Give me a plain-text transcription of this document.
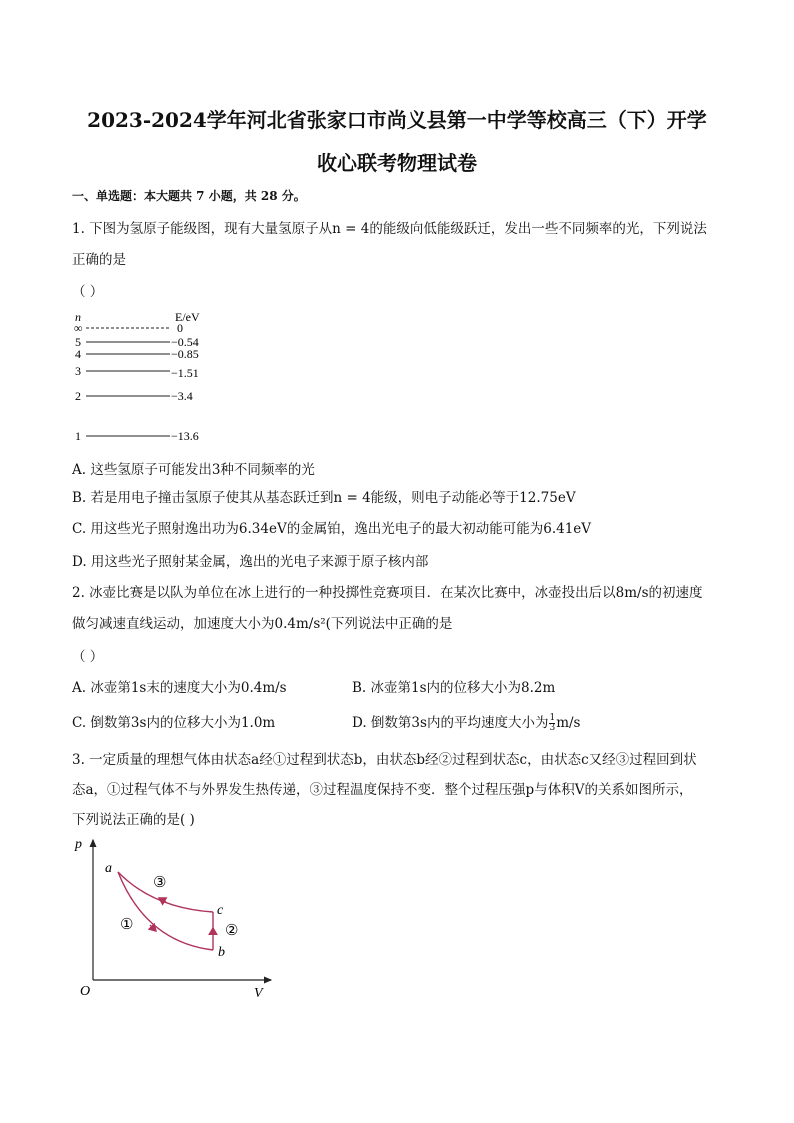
2023-2024学年河北省张家口市尚义县第一中学等校高三（下）开学
收心联考物理试卷
一、单选题：本大题共 7 小题，共 28 分。
1. 下图为氢原子能级图，现有大量氢原子从n = 4的能级向低能级跃迁，发出一些不同频率的光，下列说法
正确的是
（ ）
n	E/eV
∞	0
5	−0.54
4	−0.85
3	−1.51
2	−3.4
1	−13.6
A. 这些氢原子可能发出3种不同频率的光
B. 若是用电子撞击氢原子使其从基态跃迁到n = 4能级，则电子动能必等于12.75eV
C. 用这些光子照射逸出功为6.34eV的金属铂，逸出光电子的最大初动能可能为6.41eV
D. 用这些光子照射某金属，逸出的光电子来源于原子核内部
2. 冰壶比赛是以队为单位在冰上进行的一种投掷性竞赛项目．在某次比赛中，冰壶投出后以8m/s的初速度
做匀减速直线运动，加速度大小为0.4m/s²(下列说法中正确的是
（ ）
A. 冰壶第1s末的速度大小为0.4m/s	B. 冰壶第1s内的位移大小为8.2m
C. 倒数第3s内的位移大小为1.0m	D. 倒数第3s内的平均速度大小为 $\frac{1}{3} m/s$
3. 一定质量的理想气体由状态a经①过程到状态b，由状态b经②过程到状态c，由状态c又经③过程回到状
态a，①过程气体不与外界发生热传递，③过程温度保持不变．整个过程压强p与体积V的关系如图所示，
下列说法正确的是( )
p
V
O
a
b
c
①	②
③
